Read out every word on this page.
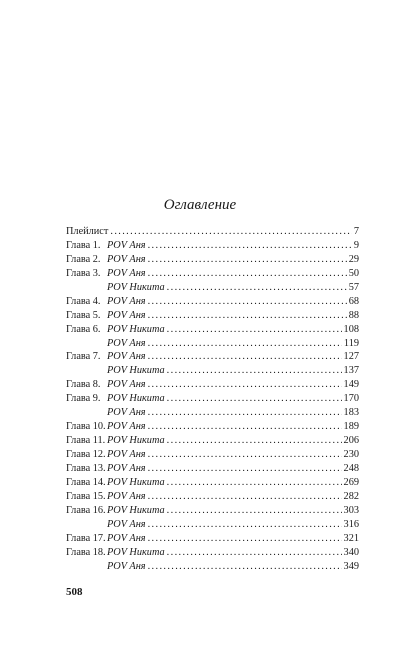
Оглавление
Плейлист . . .	7
Глава 1. POV Аня . . .	9
Глава 2. POV Аня . . .	29
Глава 3. POV Аня . . .	50
POV Никита . . .	57
Глава 4. POV Аня . . .	68
Глава 5. POV Аня . . .	88
Глава 6. POV Никита . . .	108
POV Аня . . .	119
Глава 7. POV Аня . . .	127
POV Никита . . .	137
Глава 8. POV Аня . . .	149
Глава 9. POV Никита . . .	170
POV Аня . . .	183
Глава 10. POV Аня . . .	189
Глава 11. POV Никита . . .	206
Глава 12. POV Аня . . .	230
Глава 13. POV Аня . . .	248
Глава 14. POV Никита . . .	269
Глава 15. POV Аня . . .	282
Глава 16. POV Никита . . .	303
POV Аня . . .	316
Глава 17. POV Аня . . .	321
Глава 18. POV Никита . . .	340
POV Аня . . .	349
508
